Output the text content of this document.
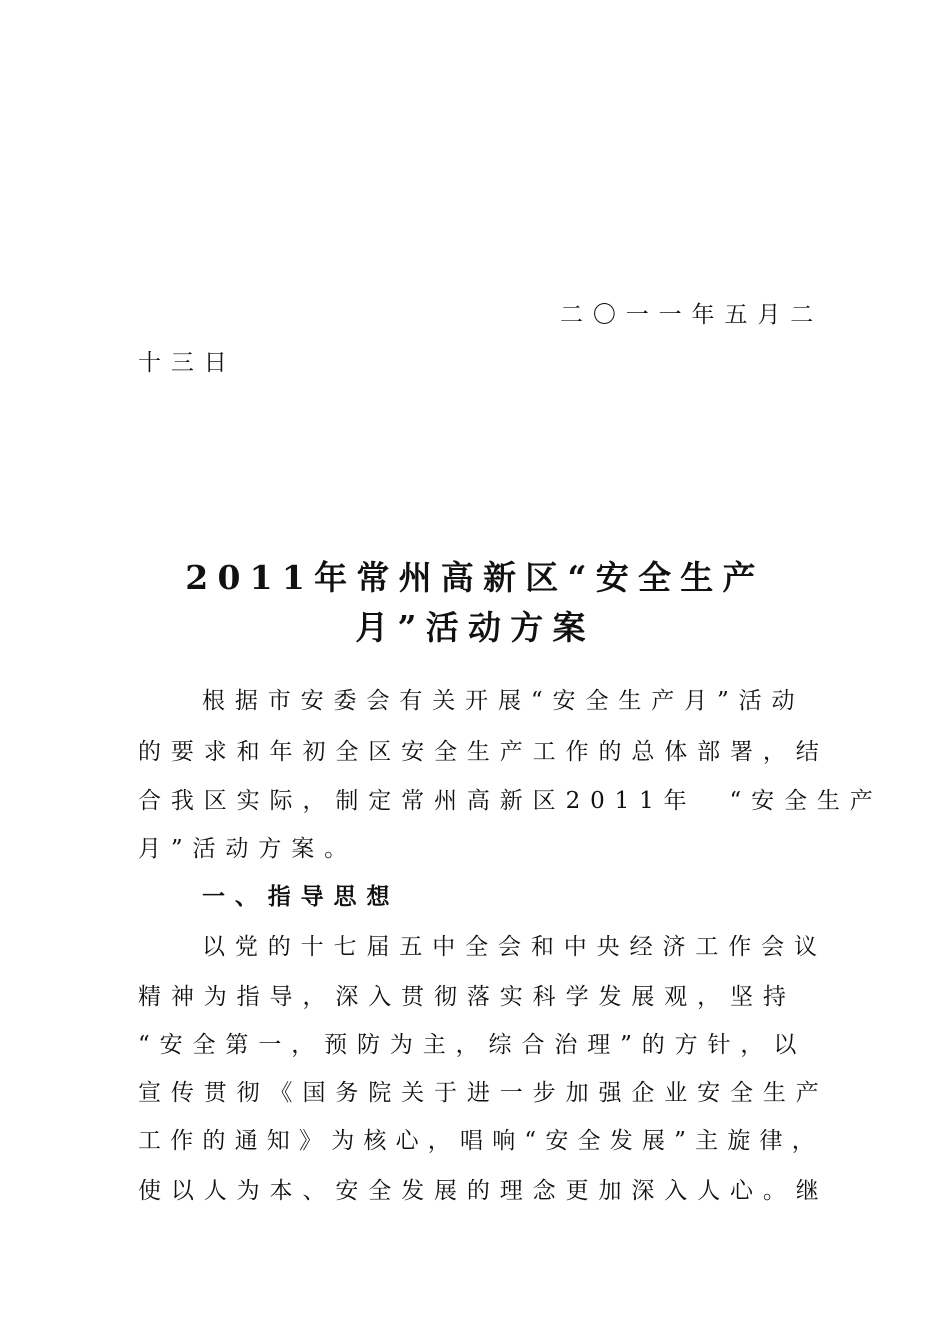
二〇一一年五月二
十三日
2011年常州高新区“安全生产
月”活动方案
根据市安委会有关开展“安全生产月”活动
的要求和年初全区安全生产工作的总体部署，结
合我区实际，制定常州高新区2011年　“安全生产
月”活动方案。
一、指导思想
以党的十七届五中全会和中央经济工作会议
精神为指导，深入贯彻落实科学发展观，坚持
“安全第一，预防为主，综合治理”的方针，以
宣传贯彻《国务院关于进一步加强企业安全生产
工作的通知》为核心，唱响“安全发展”主旋律，
使以人为本、安全发展的理念更加深入人心。继
